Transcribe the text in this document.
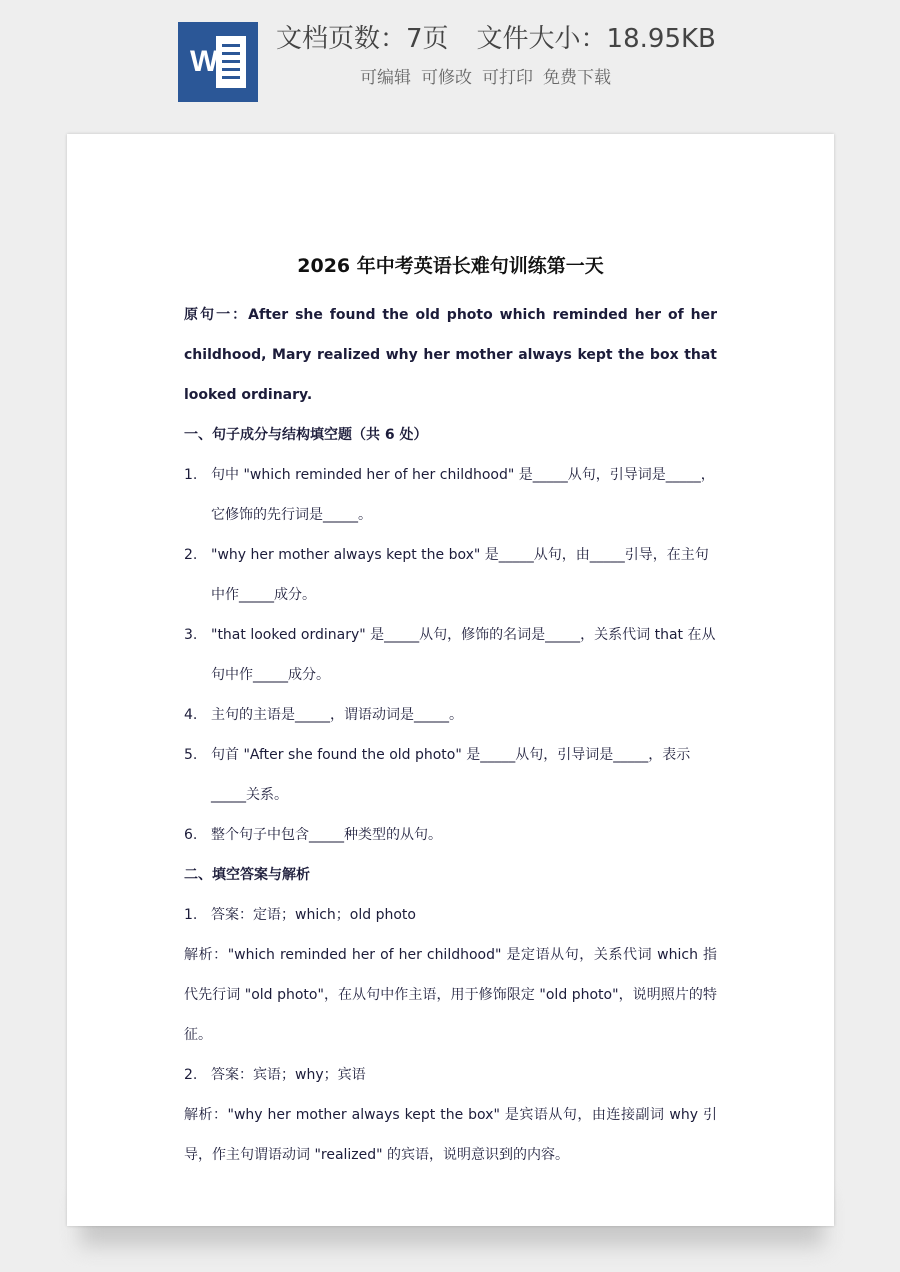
W
文档页数：7页 文件大小：18.95KB
可编辑 可修改 可打印 免费下载
2026 年中考英语长难句训练第一天

原句一：After she found the old photo which reminded her of her childhood, Mary realized why her mother always kept the box that looked ordinary.

一、句子成分与结构填空题（共 6 处）

1. 句中 "which reminded her of her childhood" 是_____从句，引导词是_____，它修饰的先行词是_____。
2. "why her mother always kept the box" 是_____从句，由_____引导，在主句中作_____成分。
3. "that looked ordinary" 是_____从句，修饰的名词是_____，关系代词 that 在从句中作_____成分。
4. 主句的主语是_____，谓语动词是_____。
5. 句首 "After she found the old photo" 是_____从句，引导词是_____，表示_____关系。
6. 整个句子中包含_____种类型的从句。

二、填空答案与解析

1. 答案：定语；which；old photo
解析："which reminded her of her childhood" 是定语从句，关系代词 which 指代先行词 "old photo"，在从句中作主语，用于修饰限定 "old photo"，说明照片的特征。
2. 答案：宾语；why；宾语
解析："why her mother always kept the box" 是宾语从句，由连接副词 why 引导，作主句谓语动词 "realized" 的宾语，说明意识到的内容。
